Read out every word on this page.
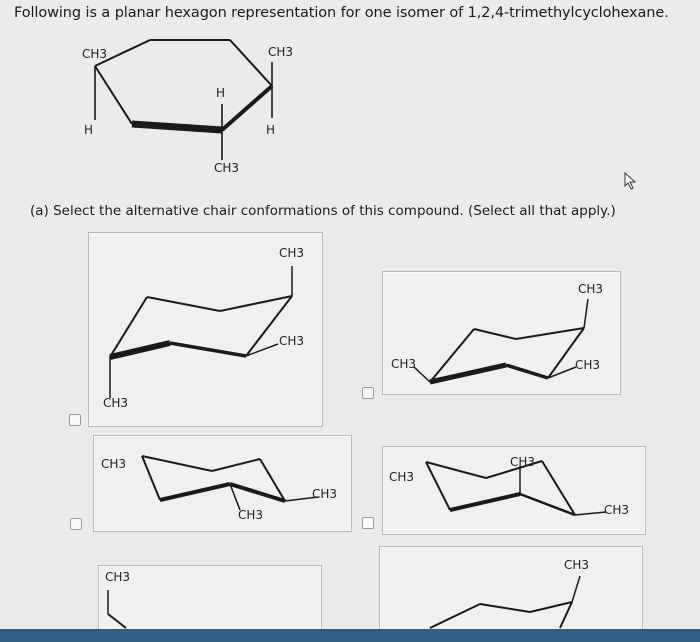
Following is a planar hexagon representation for one isomer of 1,2,4-trimethylcyclohexane.
CH3	CH3
H
H
H
CH3
(a) Select the alternative chair conformations of this compound. (Select all that apply.)
CH3
CH3
CH3
CH3
CH3
CH3
CH3
CH3
CH3
CH3
CH3
CH3
CH3
CH3
